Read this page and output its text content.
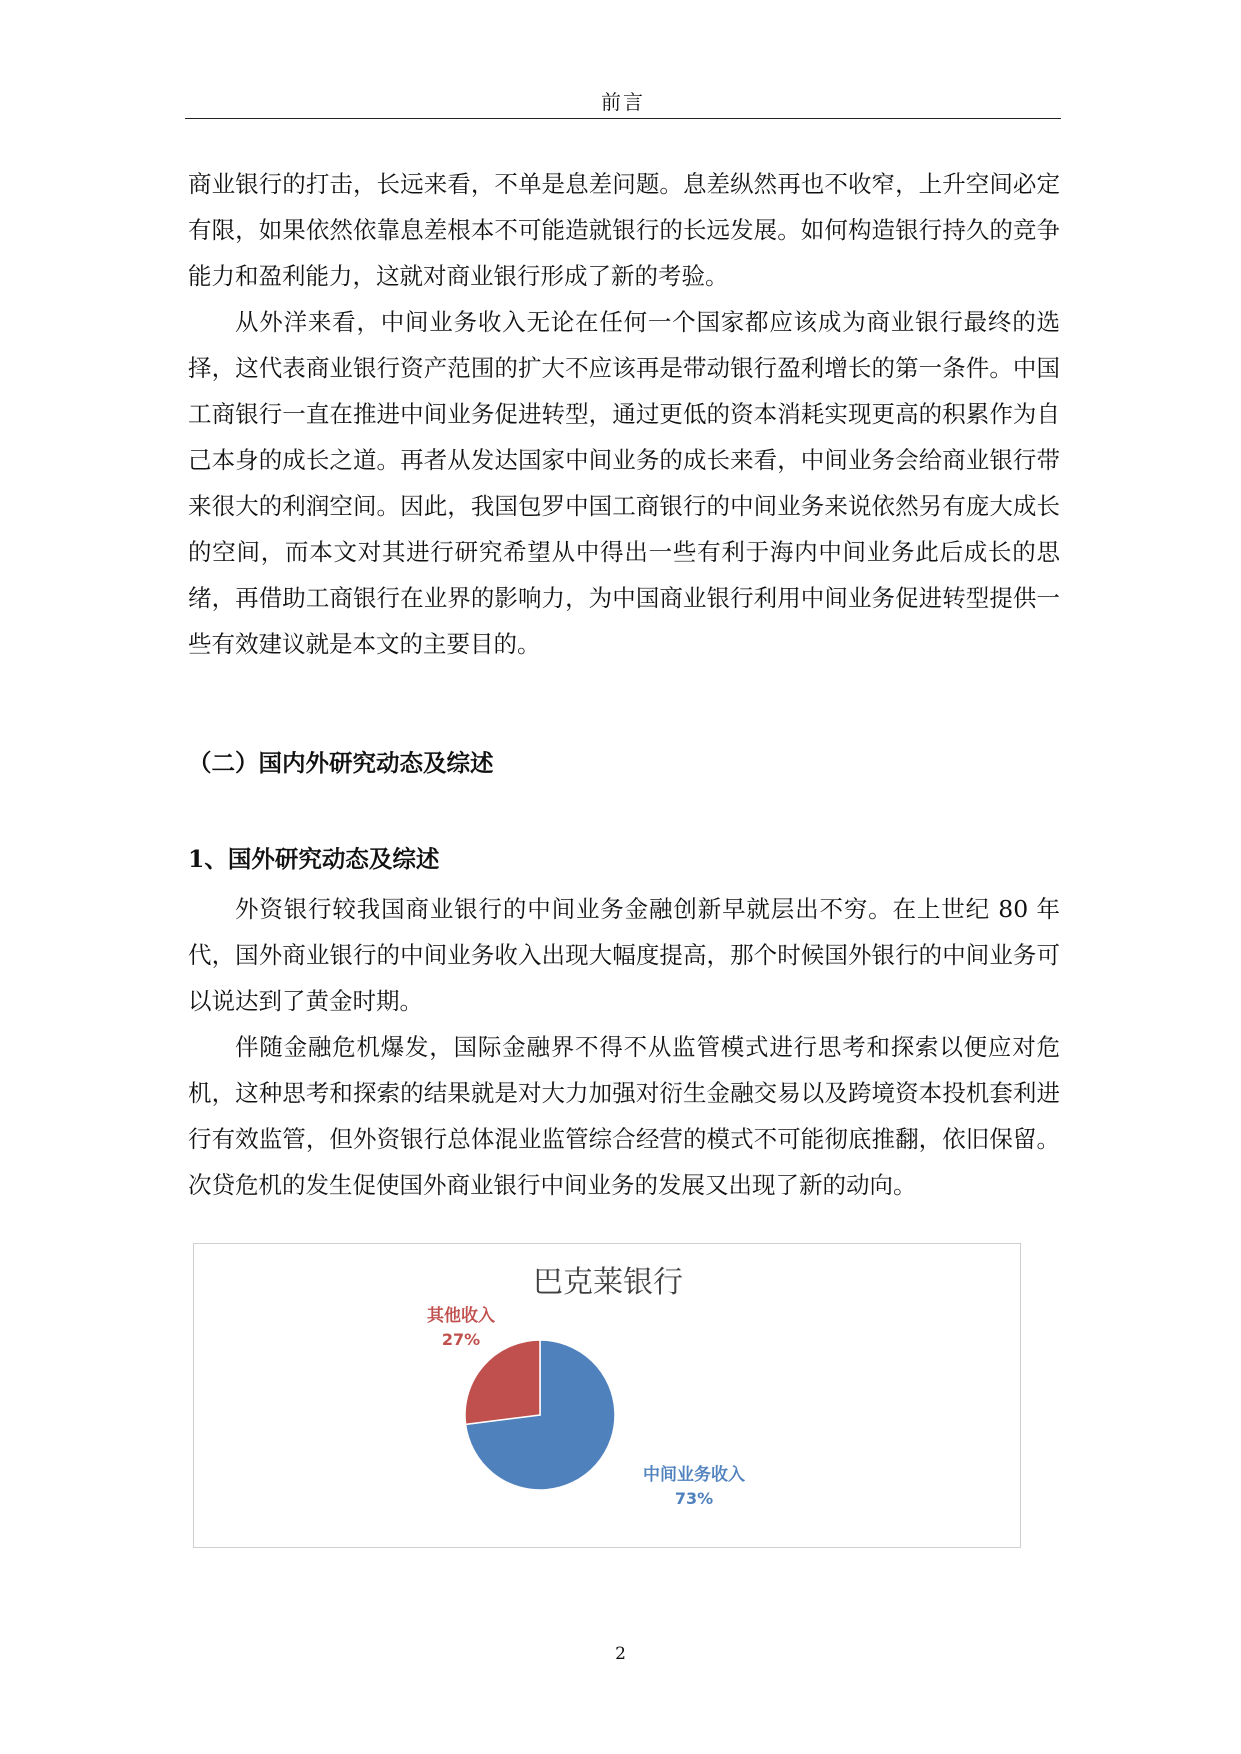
前言

商业银行的打击，长远来看，不单是息差问题。息差纵然再也不收窄，上升空间必定有限，如果依然依靠息差根本不可能造就银行的长远发展。如何构造银行持久的竞争能力和盈利能力，这就对商业银行形成了新的考验。

从外洋来看，中间业务收入无论在任何一个国家都应该成为商业银行最终的选择，这代表商业银行资产范围的扩大不应该再是带动银行盈利增长的第一条件。中国工商银行一直在推进中间业务促进转型，通过更低的资本消耗实现更高的积累作为自己本身的成长之道。再者从发达国家中间业务的成长来看，中间业务会给商业银行带来很大的利润空间。因此，我国包罗中国工商银行的中间业务来说依然另有庞大成长的空间，而本文对其进行研究希望从中得出一些有利于海内中间业务此后成长的思绪，再借助工商银行在业界的影响力，为中国商业银行利用中间业务促进转型提供一些有效建议就是本文的主要目的。

（二）国内外研究动态及综述
1、国外研究动态及综述

外资银行较我国商业银行的中间业务金融创新早就层出不穷。在上世纪 80 年代，国外商业银行的中间业务收入出现大幅度提高，那个时候国外银行的中间业务可以说达到了黄金时期。

伴随金融危机爆发，国际金融界不得不从监管模式进行思考和探索以便应对危机，这种思考和探索的结果就是对大力加强对衍生金融交易以及跨境资本投机套利进行有效监管，但外资银行总体混业监管综合经营的模式不可能彻底推翻，依旧保留。次贷危机的发生促使国外商业银行中间业务的发展又出现了新的动向。

巴克莱银行
中间业务收入
73%
其他收入
27%
2
